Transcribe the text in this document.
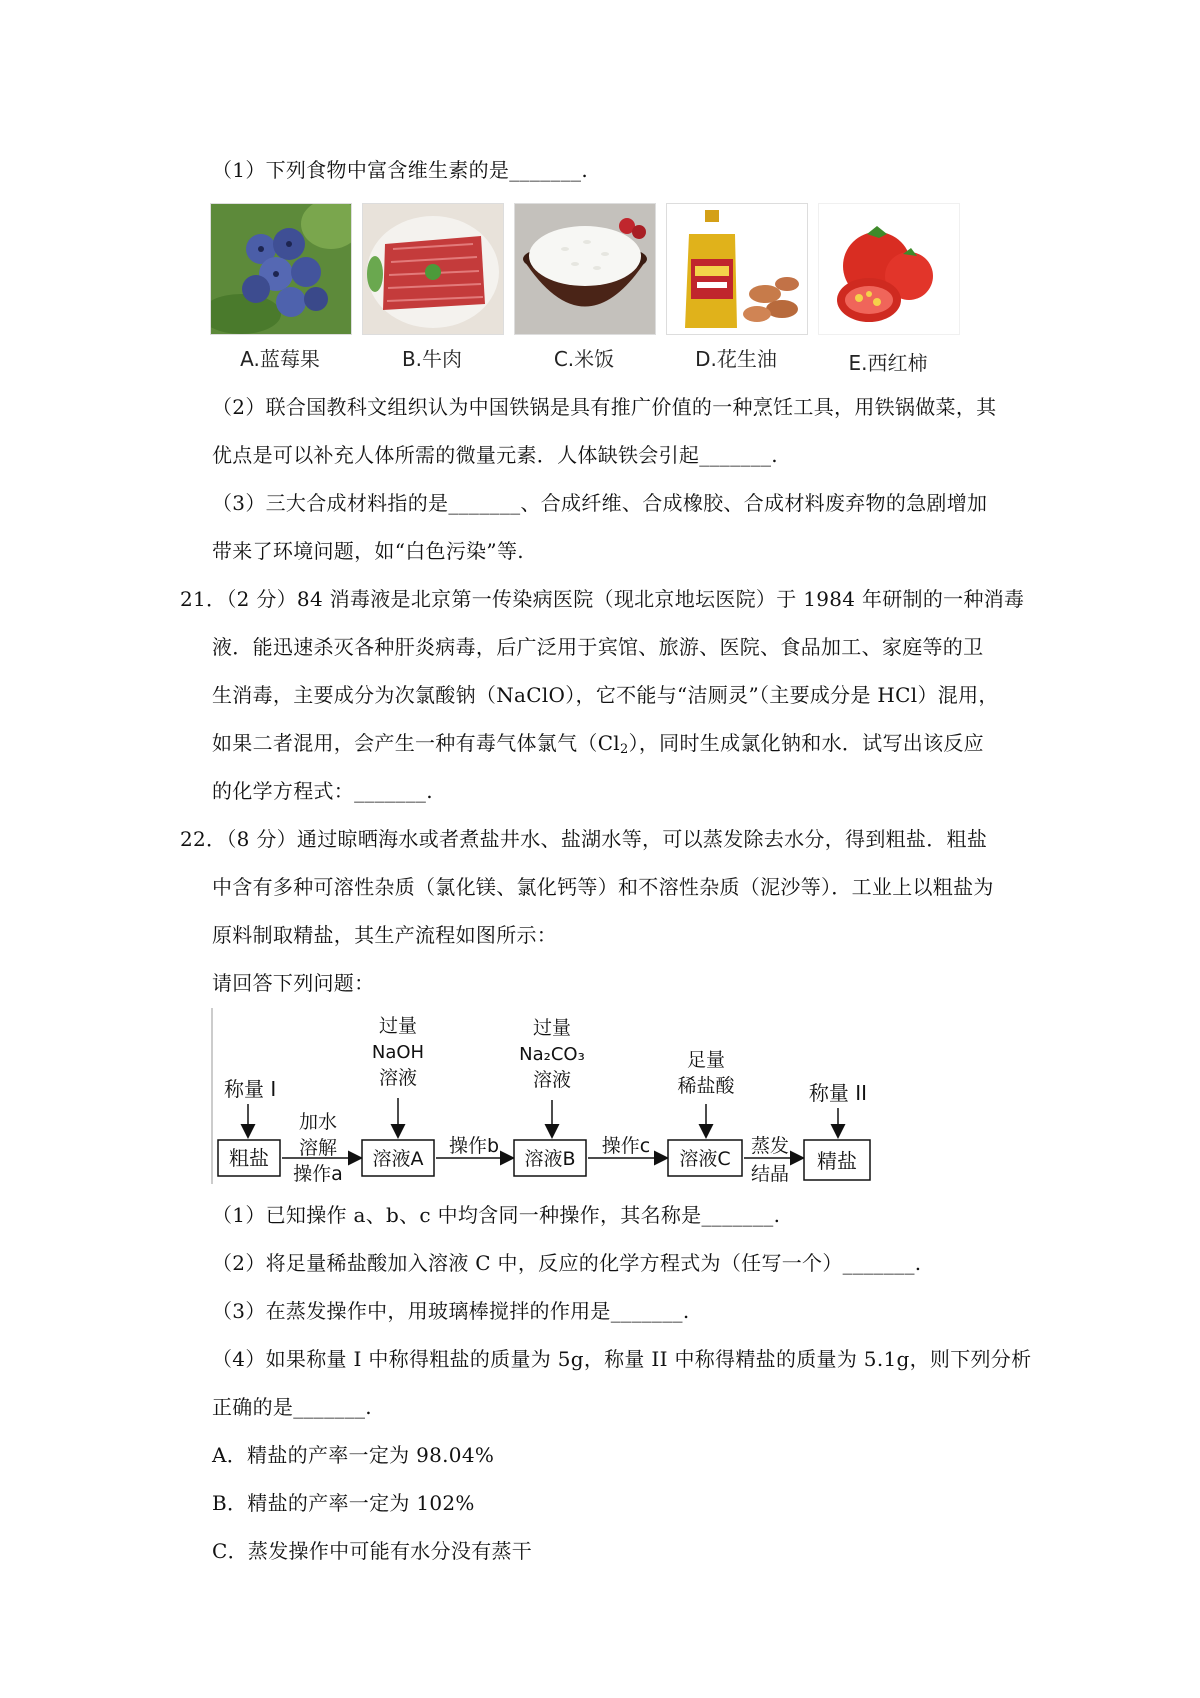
（1）下列食物中富含维生素的是_______.
A.蓝莓果	B.牛肉	C.米饭	D.花生油	E.西红柿
（2）联合国教科文组织认为中国铁锅是具有推广价值的一种烹饪工具，用铁锅做菜，其
优点是可以补充人体所需的微量元素．人体缺铁会引起_______.
（3）三大合成材料指的是_______、合成纤维、合成橡胶、合成材料废弃物的急剧增加
带来了环境问题，如“白色污染”等.
21．（2 分）84 消毒液是北京第一传染病医院（现北京地坛医院）于 1984 年研制的一种消毒
液．能迅速杀灭各种肝炎病毒，后广泛用于宾馆、旅游、医院、食品加工、家庭等的卫
生消毒，主要成分为次氯酸钠（NaClO），它不能与“洁厕灵”（主要成分是 HCl）混用，
如果二者混用，会产生一种有毒气体氯气$(Cl_2)$，同时生成氯化钠和水．试写出该反应
的化学方程式：_______.
22．（8 分）通过晾晒海水或者煮盐井水、盐湖水等，可以蒸发除去水分，得到粗盐．粗盐
中含有多种可溶性杂质（氯化镁、氯化钙等）和不溶性杂质（泥沙等）．工业上以粗盐为
原料制取精盐，其生产流程如图所示：
请回答下列问题：
称量 I
粗盐
加水
溶解
操作a
过量
NaOH
溶液
溶液A
操作b
过量
Na₂CO₃
溶液
溶液B
操作c
足量
稀盐酸
溶液C
蒸发
结晶
称量 II
精盐
（1）已知操作 a、b、c 中均含同一种操作，其名称是_______.
（2）将足量稀盐酸加入溶液 C 中，反应的化学方程式为（任写一个）_______.
（3）在蒸发操作中，用玻璃棒搅拌的作用是_______.
（4）如果称量 I 中称得粗盐的质量为 5g，称量 II 中称得精盐的质量为 5.1g，则下列分析
正确的是_______.
A．精盐的产率一定为 98.04%
B．精盐的产率一定为 102%
C．蒸发操作中可能有水分没有蒸干
